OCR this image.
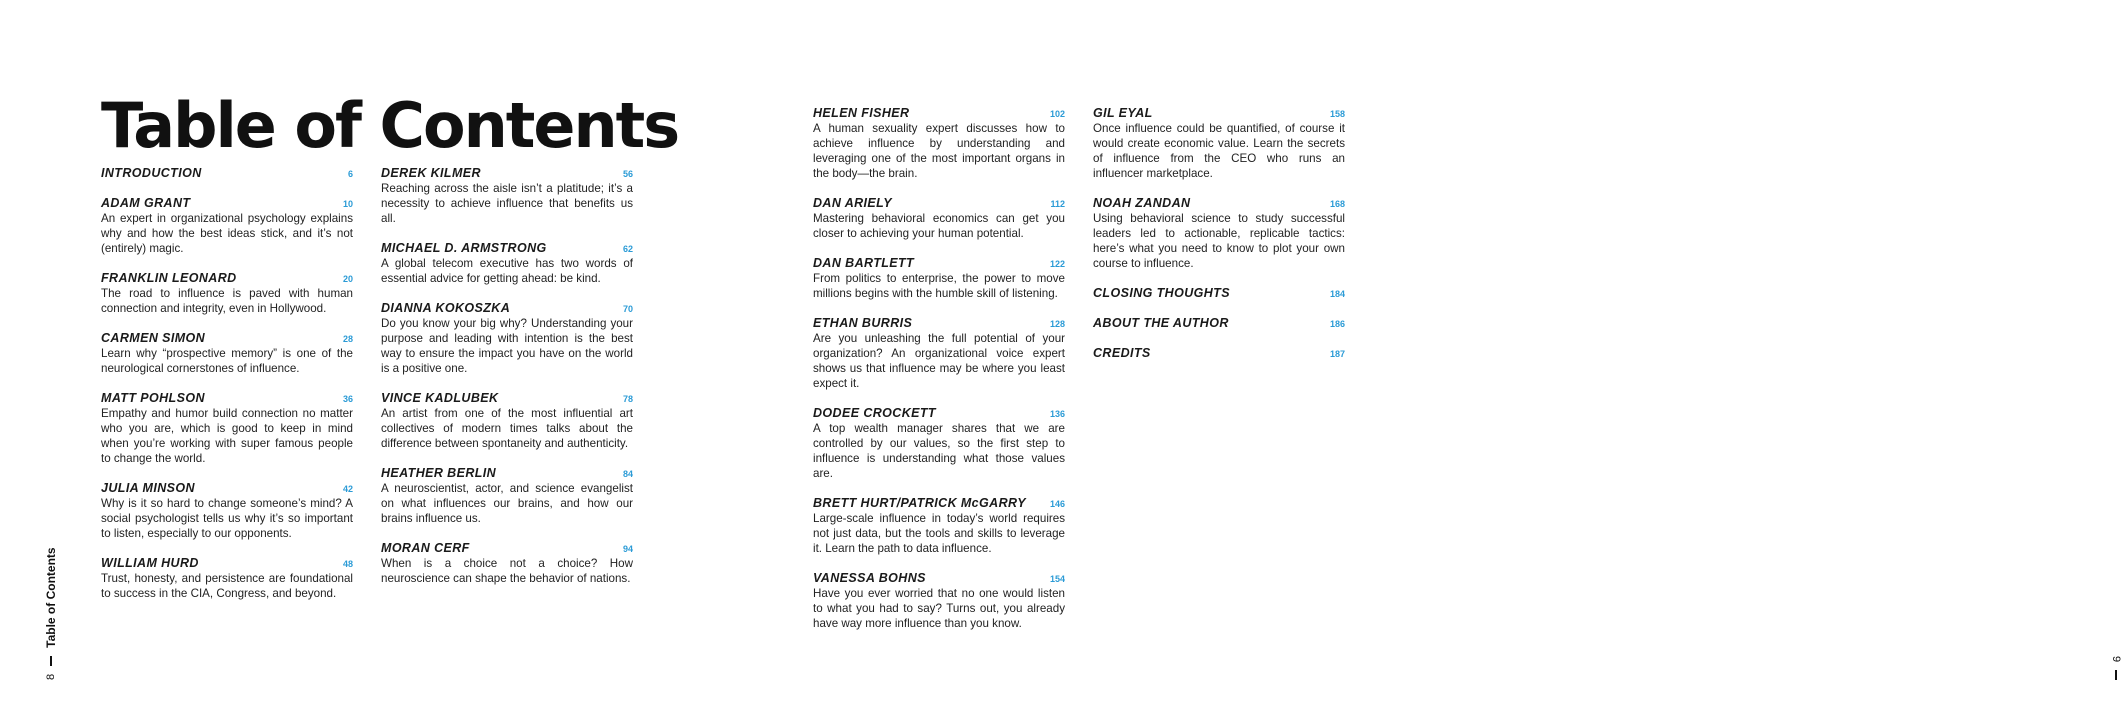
Table of Contents
INTRODUCTION	6
ADAM GRANT	10

An expert in organizational psychology explains why and how the best ideas stick, and it’s not (entirely) magic.

FRANKLIN LEONARD	20

The road to influence is paved with human connection and integrity, even in Hollywood.

CARMEN SIMON	28

Learn why “prospective memory” is one of the neurological cornerstones of influence.

MATT POHLSON	36

Empathy and humor build connection no matter who you are, which is good to keep in mind when you’re working with super famous people to change the world.

JULIA MINSON	42

Why is it so hard to change someone’s mind? A social psychologist tells us why it’s so important to listen, especially to our opponents.

WILLIAM HURD	48

Trust, honesty, and persistence are foundational to success in the CIA, Congress, and beyond.

DEREK KILMER	56

Reaching across the aisle isn’t a platitude; it’s a necessity to achieve influence that benefits us all.

MICHAEL D. ARMSTRONG	62

A global telecom executive has two words of essential advice for getting ahead: be kind.

DIANNA KOKOSZKA	70

Do you know your big why? Understanding your purpose and leading with intention is the best way to ensure the impact you have on the world is a positive one.

VINCE KADLUBEK	78

An artist from one of the most influential art collectives of modern times talks about the difference between spontaneity and authenticity.

HEATHER BERLIN	84

A neuroscientist, actor, and science evangelist on what influences our brains, and how our brains influence us.

MORAN CERF	94

When is a choice not a choice? How neuroscience can shape the behavior of nations.

8
Table of Contents
HELEN FISHER	102

A human sexuality expert discusses how to achieve influence by understanding and leveraging one of the most important organs in the body—the brain.

DAN ARIELY	112

Mastering behavioral economics can get you closer to achieving your human potential.

DAN BARTLETT	122

From politics to enterprise, the power to move millions begins with the humble skill of listening.

ETHAN BURRIS	128

Are you unleashing the full potential of your organization? An organizational voice expert shows us that influence may be where you least expect it.

DODEE CROCKETT	136

A top wealth manager shares that we are controlled by our values, so the first step to influence is understanding what those values are.

BRETT HURT/PATRICK McGARRY	146

Large-scale influence in today’s world requires not just data, but the tools and skills to leverage it. Learn the path to data influence.

VANESSA BOHNS	154

Have you ever worried that no one would listen to what you had to say? Turns out, you already have way more influence than you know.

GIL EYAL	158

Once influence could be quantified, of course it would create economic value. Learn the secrets of influence from the CEO who runs an influencer marketplace.

NOAH ZANDAN	168

Using behavioral science to study successful leaders led to actionable, replicable tactics: here’s what you need to know to plot your own course to influence.

CLOSING THOUGHTS	184
ABOUT THE AUTHOR	186
CREDITS	187
9
